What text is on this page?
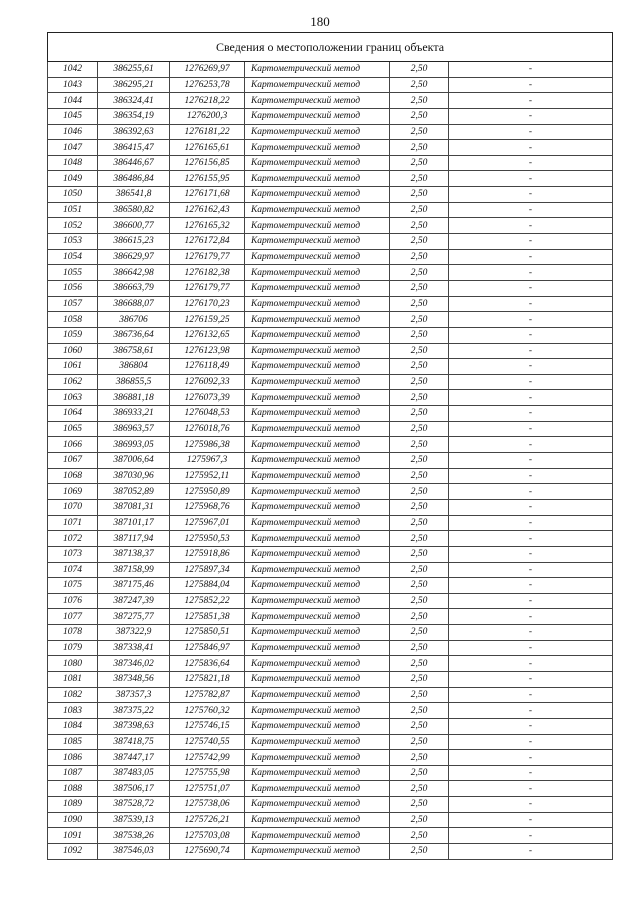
180
Сведения о местоположении границ объекта					
1042	386255,61	1276269,97	Картометрический метод	2,50	-
1043	386295,21	1276253,78	Картометрический метод	2,50	-
1044	386324,41	1276218,22	Картометрический метод	2,50	-
1045	386354,19	1276200,3	Картометрический метод	2,50	-
1046	386392,63	1276181,22	Картометрический метод	2,50	-
1047	386415,47	1276165,61	Картометрический метод	2,50	-
1048	386446,67	1276156,85	Картометрический метод	2,50	-
1049	386486,84	1276155,95	Картометрический метод	2,50	-
1050	386541,8	1276171,68	Картометрический метод	2,50	-
1051	386580,82	1276162,43	Картометрический метод	2,50	-
1052	386600,77	1276165,32	Картометрический метод	2,50	-
1053	386615,23	1276172,84	Картометрический метод	2,50	-
1054	386629,97	1276179,77	Картометрический метод	2,50	-
1055	386642,98	1276182,38	Картометрический метод	2,50	-
1056	386663,79	1276179,77	Картометрический метод	2,50	-
1057	386688,07	1276170,23	Картометрический метод	2,50	-
1058	386706	1276159,25	Картометрический метод	2,50	-
1059	386736,64	1276132,65	Картометрический метод	2,50	-
1060	386758,61	1276123,98	Картометрический метод	2,50	-
1061	386804	1276118,49	Картометрический метод	2,50	-
1062	386855,5	1276092,33	Картометрический метод	2,50	-
1063	386881,18	1276073,39	Картометрический метод	2,50	-
1064	386933,21	1276048,53	Картометрический метод	2,50	-
1065	386963,57	1276018,76	Картометрический метод	2,50	-
1066	386993,05	1275986,38	Картометрический метод	2,50	-
1067	387006,64	1275967,3	Картометрический метод	2,50	-
1068	387030,96	1275952,11	Картометрический метод	2,50	-
1069	387052,89	1275950,89	Картометрический метод	2,50	-
1070	387081,31	1275968,76	Картометрический метод	2,50	-
1071	387101,17	1275967,01	Картометрический метод	2,50	-
1072	387117,94	1275950,53	Картометрический метод	2,50	-
1073	387138,37	1275918,86	Картометрический метод	2,50	-
1074	387158,99	1275897,34	Картометрический метод	2,50	-
1075	387175,46	1275884,04	Картометрический метод	2,50	-
1076	387247,39	1275852,22	Картометрический метод	2,50	-
1077	387275,77	1275851,38	Картометрический метод	2,50	-
1078	387322,9	1275850,51	Картометрический метод	2,50	-
1079	387338,41	1275846,97	Картометрический метод	2,50	-
1080	387346,02	1275836,64	Картометрический метод	2,50	-
1081	387348,56	1275821,18	Картометрический метод	2,50	-
1082	387357,3	1275782,87	Картометрический метод	2,50	-
1083	387375,22	1275760,32	Картометрический метод	2,50	-
1084	387398,63	1275746,15	Картометрический метод	2,50	-
1085	387418,75	1275740,55	Картометрический метод	2,50	-
1086	387447,17	1275742,99	Картометрический метод	2,50	-
1087	387483,05	1275755,98	Картометрический метод	2,50	-
1088	387506,17	1275751,07	Картометрический метод	2,50	-
1089	387528,72	1275738,06	Картометрический метод	2,50	-
1090	387539,13	1275726,21	Картометрический метод	2,50	-
1091	387538,26	1275703,08	Картометрический метод	2,50	-
1092	387546,03	1275690,74	Картометрический метод	2,50	-
